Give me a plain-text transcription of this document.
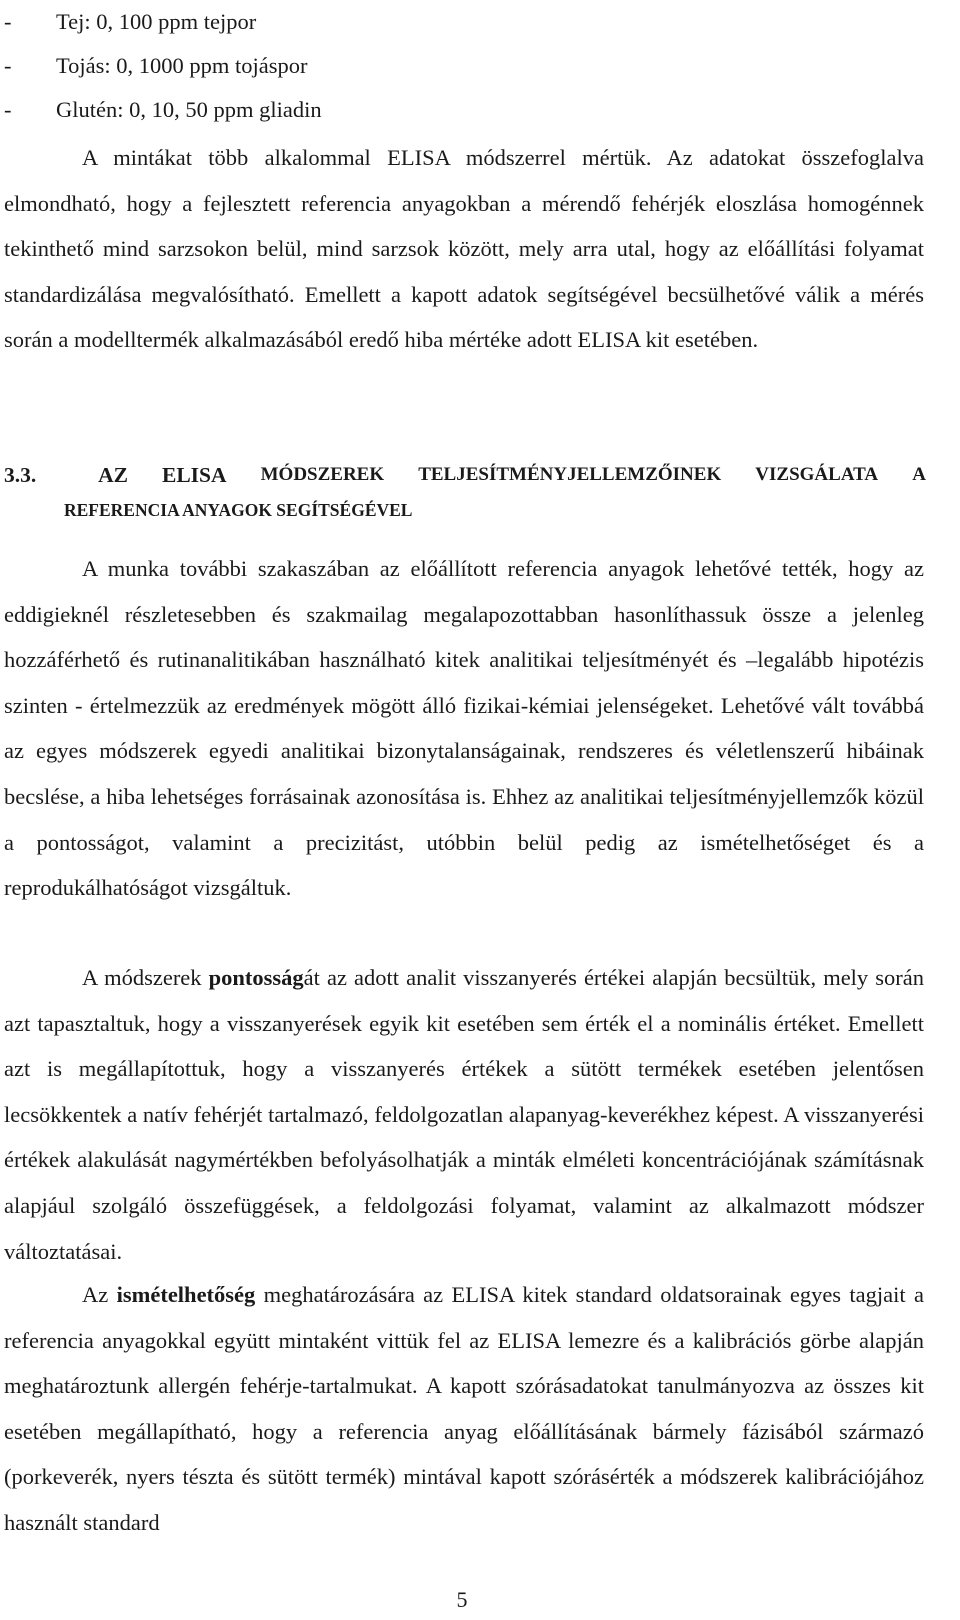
- Tej: 0, 100 ppm tejpor
- Tojás: 0, 1000 ppm tojáspor
- Glutén: 0, 10, 50 ppm gliadin

A mintákat több alkalommal ELISA módszerrel mértük. Az adatokat összefoglalva elmondható, hogy a fejlesztett referencia anyagokban a mérendő fehérjék eloszlása homogénnek tekinthető mind sarzsokon belül, mind sarzsok között, mely arra utal, hogy az előállítási folyamat standardizálása megvalósítható. Emellett a kapott adatok segítségével becsülhetővé válik a mérés során a modelltermék alkalmazásából eredő hiba mértéke adott ELISA kit esetében.

3.3.	AZ ELISA MÓDSZEREK TELJESÍTMÉNYJELLEMZŐINEK VIZSGÁLATA A
REFERENCIA ANYAGOK SEGÍTSÉGÉVEL

A munka további szakaszában az előállított referencia anyagok lehetővé tették, hogy az eddigieknél részletesebben és szakmailag megalapozottabban hasonlíthassuk össze a jelenleg hozzáférhető és rutinanalitikában használható kitek analitikai teljesítményét és –legalább hipotézis szinten - értelmezzük az eredmények mögött álló fizikai-kémiai jelenségeket. Lehetővé vált továbbá az egyes módszerek egyedi analitikai bizonytalanságainak, rendszeres és véletlenszerű hibáinak becslése, a hiba lehetséges forrásainak azonosítása is. Ehhez az analitikai teljesítményjellemzők közül a pontosságot, valamint a precizitást, utóbbin belül pedig az ismételhetőséget és a reprodukálhatóságot vizsgáltuk.

A módszerek pontosságát az adott analit visszanyerés értékei alapján becsültük, mely során azt tapasztaltuk, hogy a visszanyerések egyik kit esetében sem érték el a nominális értéket. Emellett azt is megállapítottuk, hogy a visszanyerés értékek a sütött termékek esetében jelentősen lecsökkentek a natív fehérjét tartalmazó, feldolgozatlan alapanyag-keverékhez képest. A visszanyerési értékek alakulását nagymértékben befolyásolhatják a minták elméleti koncentrációjának számításnak alapjául szolgáló összefüggések, a feldolgozási folyamat, valamint az alkalmazott módszer változtatásai.

Az ismételhetőség meghatározására az ELISA kitek standard oldatsorainak egyes tagjait a referencia anyagokkal együtt mintaként vittük fel az ELISA lemezre és a kalibrációs görbe alapján meghatároztunk allergén fehérje-tartalmukat. A kapott szórásadatokat tanulmányozva az összes kit esetében megállapítható, hogy a referencia anyag előállításának bármely fázisából származó (porkeverék, nyers tészta és sütött termék) mintával kapott szórásérték a módszerek kalibrációjához használt standard

5
